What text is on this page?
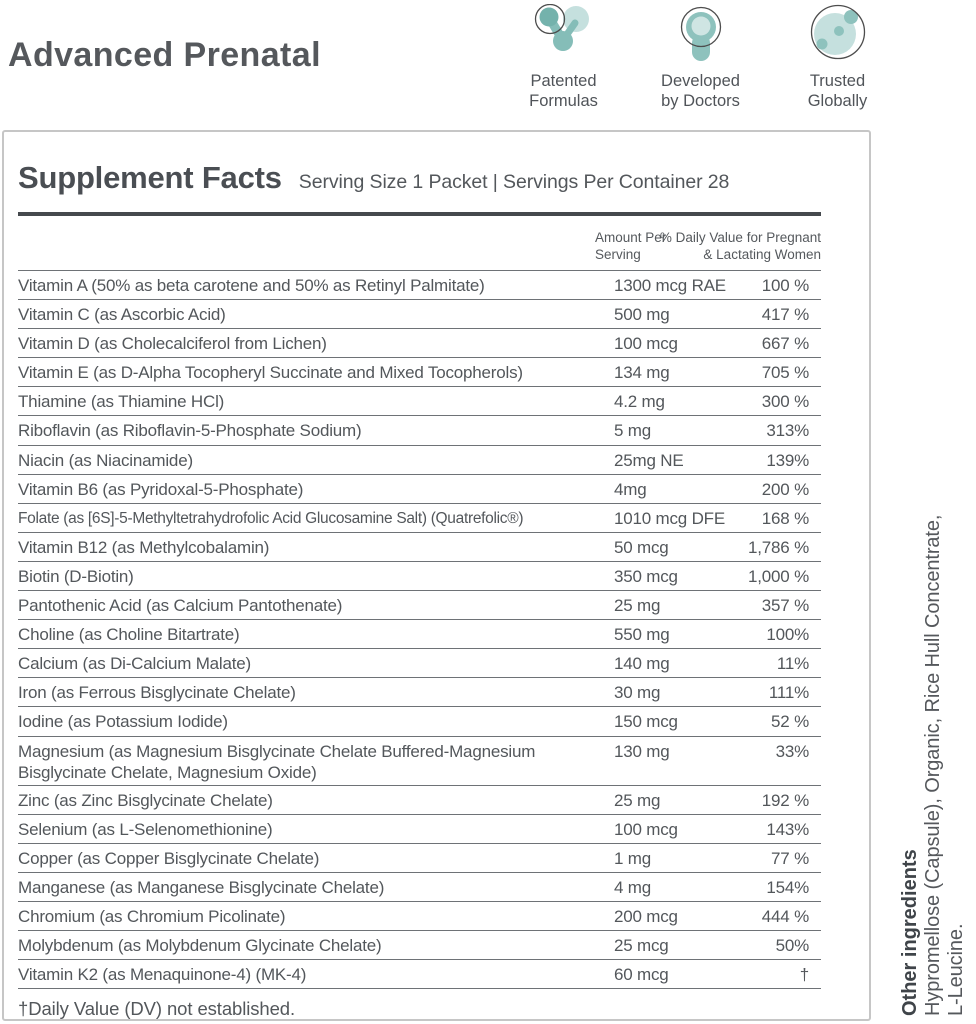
Advanced Prenatal
Patented
Formulas
Developed
by Doctors
Trusted
Globally
Supplement Facts Serving Size 1 Packet | Servings Per Container 28
Amount Per
Serving
% Daily Value for Pregnant
& Lactating Women
Vitamin A (50% as beta carotene and 50% as Retinyl Palmitate)	1300 mcg RAE	100 %
Vitamin C (as Ascorbic Acid)	500 mg	417 %
Vitamin D (as Cholecalciferol from Lichen)	100 mcg	667 %
Vitamin E (as D-Alpha Tocopheryl Succinate and Mixed Tocopherols)	134 mg	705 %
Thiamine (as Thiamine HCl)	4.2 mg	300 %
Riboflavin (as Riboflavin-5-Phosphate Sodium)	5 mg	313%
Niacin (as Niacinamide)	25mg NE	139%
Vitamin B6 (as Pyridoxal-5-Phosphate)	4mg	200 %
Folate (as [6S]-5-Methyltetrahydrofolic Acid Glucosamine Salt) (Quatrefolic®)	1010 mcg DFE	168 %
Vitamin B12 (as Methylcobalamin)	50 mcg	1,786 %
Biotin (D-Biotin)	350 mcg	1,000 %
Pantothenic Acid (as Calcium Pantothenate)	25 mg	357 %
Choline (as Choline Bitartrate)	550 mg	100%
Calcium (as Di-Calcium Malate)	140 mg	11%
Iron (as Ferrous Bisglycinate Chelate)	30 mg	111%
Iodine (as Potassium Iodide)	150 mcg	52 %
Magnesium (as Magnesium Bisglycinate Chelate Buffered-Magnesium Bisglycinate Chelate, Magnesium Oxide)
130 mg	33%
Zinc (as Zinc Bisglycinate Chelate)	25 mg	192 %
Selenium (as L-Selenomethionine)	100 mcg	143%
Copper (as Copper Bisglycinate Chelate)	1 mg	77 %
Manganese (as Manganese Bisglycinate Chelate)	4 mg	154%
Chromium (as Chromium Picolinate)	200 mcg	444 %
Molybdenum (as Molybdenum Glycinate Chelate)	25 mcg	50%
Vitamin K2 (as Menaquinone-4) (MK-4)	60 mcg	†
†Daily Value (DV) not established.	Other ingredients Hypromellose (Capsule), Organic, Rice Hull Concentrate, L-Leucine.
